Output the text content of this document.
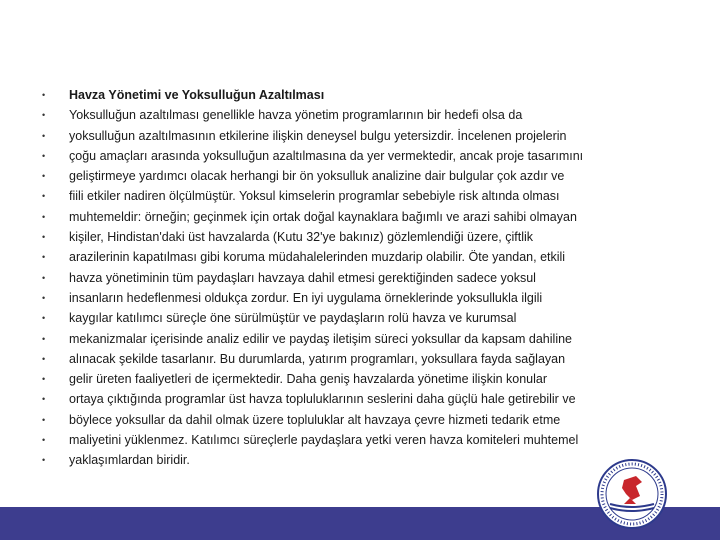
•	Havza Yönetimi ve Yoksulluğun Azaltılması
•	Yoksulluğun azaltılması genellikle havza yönetim programlarının bir hedefi olsa da
•	yoksulluğun azaltılmasının etkilerine ilişkin deneysel bulgu yetersizdir. İncelenen projelerin
•	çoğu amaçları arasında yoksulluğun azaltılmasına da yer vermektedir, ancak proje tasarımını
•	geliştirmeye yardımcı olacak herhangi bir ön yoksulluk analizine dair bulgular çok azdır ve
•	fiili etkiler nadiren ölçülmüştür. Yoksul kimselerin programlar sebebiyle risk altında olması
•	muhtemeldir: örneğin; geçinmek için ortak doğal kaynaklara bağımlı ve arazi sahibi olmayan
•	kişiler, Hindistan'daki üst havzalarda (Kutu 32'ye bakınız) gözlemlendiği üzere, çiftlik
•	arazilerinin kapatılması gibi koruma müdahalelerinden muzdarip olabilir. Öte yandan, etkili
•	havza yönetiminin tüm paydaşları havzaya dahil etmesi gerektiğinden sadece yoksul
•	insanların hedeflenmesi oldukça zordur. En iyi uygulama örneklerinde yoksullukla ilgili
•	kaygılar katılımcı süreçle öne sürülmüştür ve paydaşların rolü havza ve kurumsal
•	mekanizmalar içerisinde analiz edilir ve paydaş iletişim süreci yoksullar da kapsam dahiline
•	alınacak şekilde tasarlanır. Bu durumlarda, yatırım programları, yoksullara fayda sağlayan
•	gelir üreten faaliyetleri de içermektedir. Daha geniş havzalarda yönetime ilişkin konular
•	ortaya çıktığında programlar üst havza topluluklarının seslerini daha güçlü hale getirebilir ve
•	böylece yoksullar da dahil olmak üzere topluluklar alt havzaya çevre hizmeti tedarik etme
•	maliyetini yüklenmez. Katılımcı süreçlerle paydaşlara yetki veren havza komiteleri muhtemel
•	yaklaşımlardan biridir.
